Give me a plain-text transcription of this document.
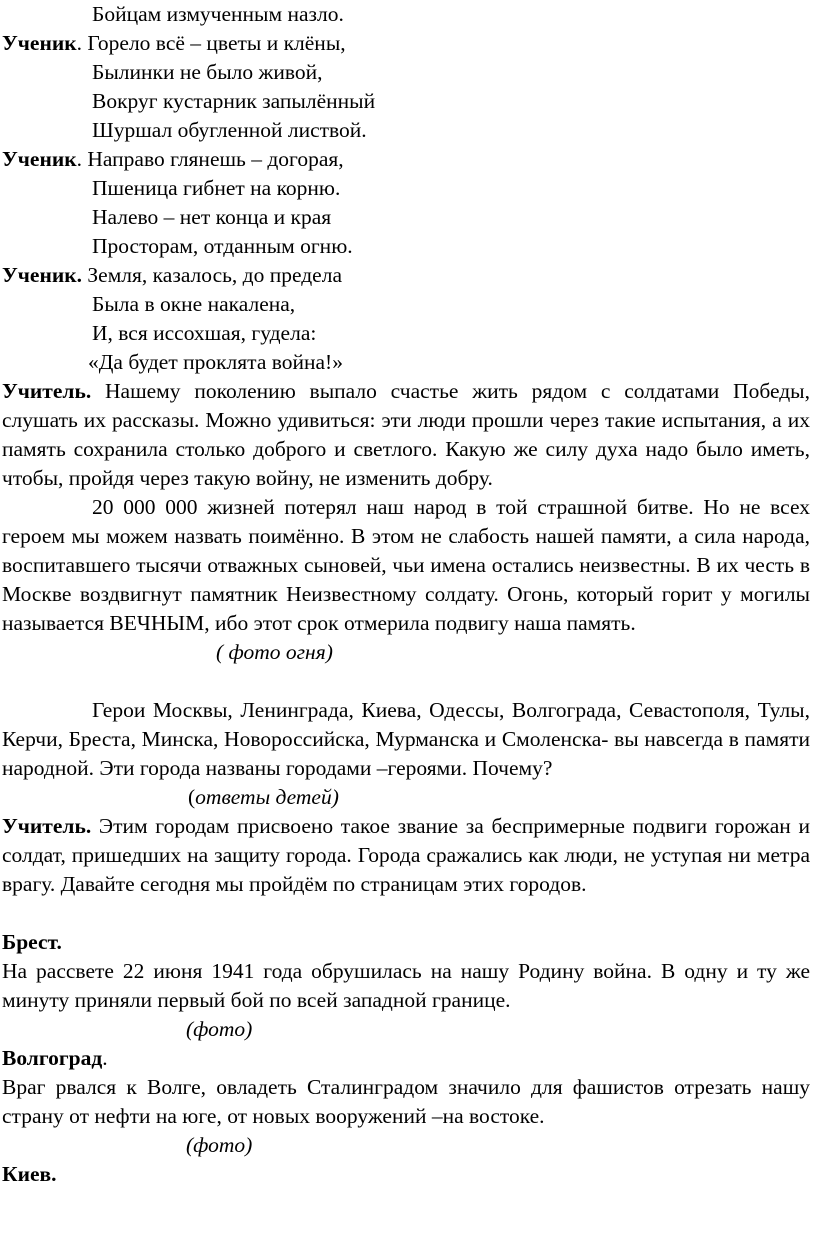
Бойцам измученным назло.
Ученик. Горело всё – цветы и клёны,
Былинки не было живой,
Вокруг кустарник запылённый
Шуршал обугленной листвой.
Ученик. Направо глянешь – догорая,
Пшеница гибнет на корню.
Налево – нет конца и края
Просторам, отданным огню.
Ученик. Земля, казалось, до предела
Была в окне накалена,
И, вся иссохшая, гудела:
«Да будет проклята война!»

Учитель. Нашему поколению выпало счастье жить рядом с солдатами Победы, слушать их рассказы. Можно удивиться: эти люди прошли через такие испытания, а их память сохранила столько доброго и светлого. Какую же силу духа надо было иметь, чтобы, пройдя через такую войну, не изменить добру.

20 000 000 жизней потерял наш народ в той страшной битве. Но не всех героем мы можем назвать поимённо. В этом не слабость нашей памяти, а сила народа, воспитавшего тысячи отважных сыновей, чьи имена остались неизвестны. В их честь в Москве воздвигнут памятник Неизвестному солдату. Огонь, который горит у могилы называется ВЕЧНЫМ, ибо этот срок отмерила подвигу наша память.

( фото огня)

Герои Москвы, Ленинграда, Киева, Одессы, Волгограда, Севастополя, Тулы, Керчи, Бреста, Минска, Новороссийска, Мурманска и Смоленска- вы навсегда в памяти народной. Эти города названы городами –героями. Почему?

(ответы детей)

Учитель. Этим городам присвоено такое звание за беспримерные подвиги горожан и солдат, пришедших на защиту города. Города сражались как люди, не уступая ни метра врагу. Давайте сегодня мы пройдём по страницам этих городов.

Брест.

На рассвете 22 июня 1941 года обрушилась на нашу Родину война. В одну и ту же минуту приняли первый бой по всей западной границе.

(фото)
Волгоград.

Враг рвался к Волге, овладеть Сталинградом значило для фашистов отрезать нашу страну от нефти на юге, от новых вооружений –на востоке.

(фото)
Киев.
